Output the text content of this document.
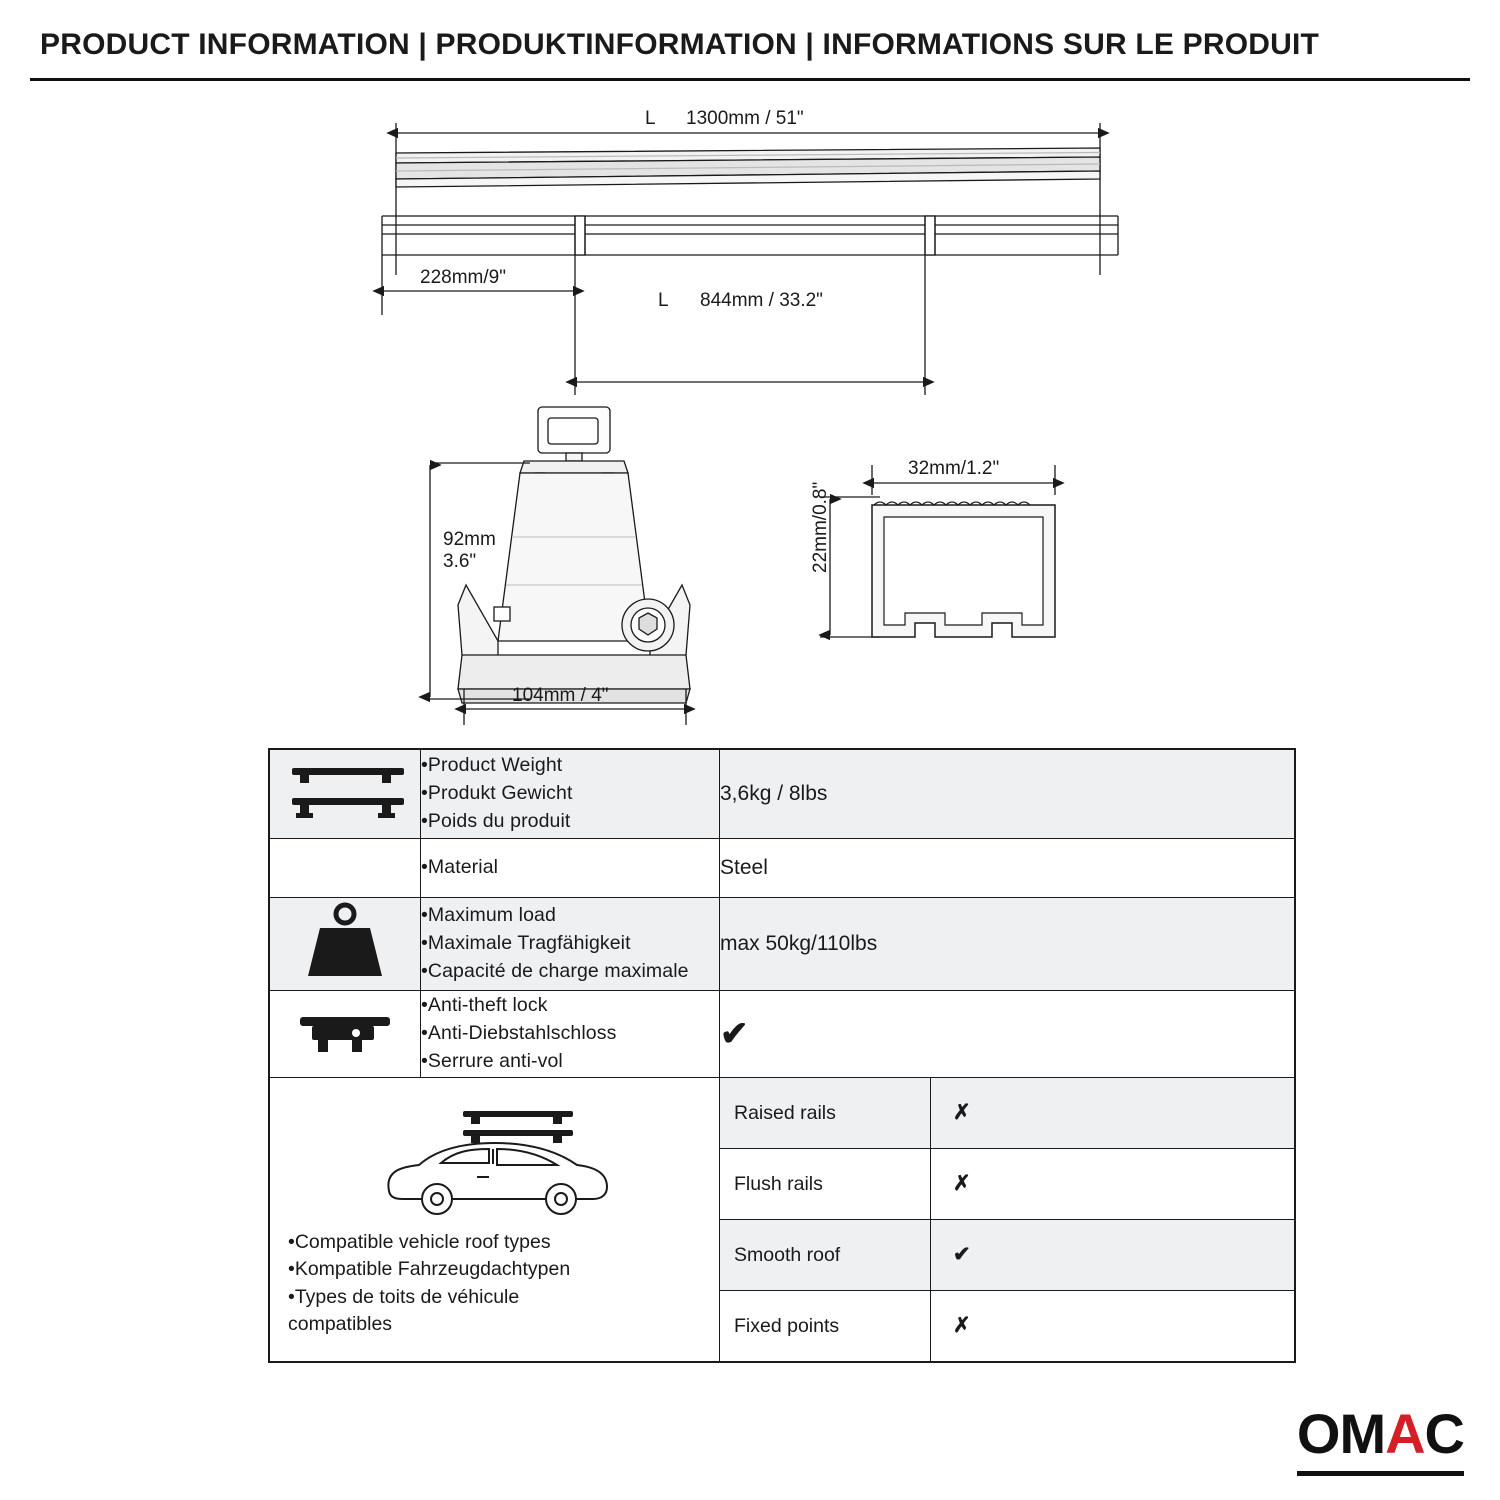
PRODUCT INFORMATION | PRODUKTINFORMATION | INFORMATIONS SUR LE PRODUIT
L 1300mm / 51"
228mm/9"
L 844mm / 33.2"
92mm
3.6"
104mm / 4"
32mm/1.2"
22mm/0.8"

•Product Weight
•Produkt Gewicht
•Poids du produit
	3,6kg / 8lbs

•Material	Steel

•Maximum load
•Maximale Tragfähigkeit
•Capacité de charge maximale
	max 50kg/110lbs

•Anti-theft lock
•Anti-Diebstahlschloss
•Serrure anti-vol
	✔

•Compatible vehicle roof types
•Kompatible Fahrzeugdachtypen
•Types de toits de véhicule
compatibles

Raised rails	✗
Flush rails	✗
Smooth roof	✔
Fixed points	✗
O M A C
